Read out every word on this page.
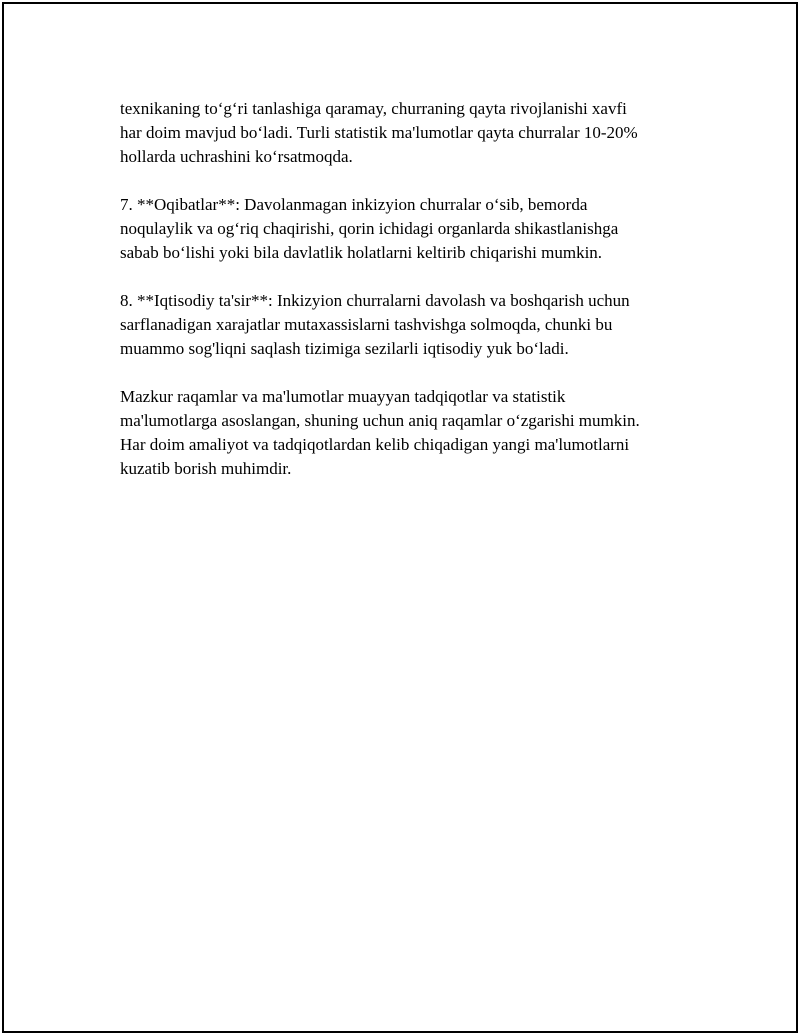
texnikaning to‘g‘ri tanlashiga qaramay, churraning qayta rivojlanishi xavfi
har doim mavjud bo‘ladi. Turli statistik ma'lumotlar qayta churralar 10-20%
hollarda uchrashini ko‘rsatmoqda.

7. **Oqibatlar**: Davolanmagan inkizyion churralar o‘sib, bemorda
noqulaylik va og‘riq chaqirishi, qorin ichidagi organlarda shikastlanishga
sabab bo‘lishi yoki bila davlatlik holatlarni keltirib chiqarishi mumkin.

8. **Iqtisodiy ta'sir**: Inkizyion churralarni davolash va boshqarish uchun
sarflanadigan xarajatlar mutaxassislarni tashvishga solmoqda, chunki bu
muammo sog'liqni saqlash tizimiga sezilarli iqtisodiy yuk bo‘ladi.

Mazkur raqamlar va ma'lumotlar muayyan tadqiqotlar va statistik
ma'lumotlarga asoslangan, shuning uchun aniq raqamlar o‘zgarishi mumkin.
Har doim amaliyot va tadqiqotlardan kelib chiqadigan yangi ma'lumotlarni
kuzatib borish muhimdir.
